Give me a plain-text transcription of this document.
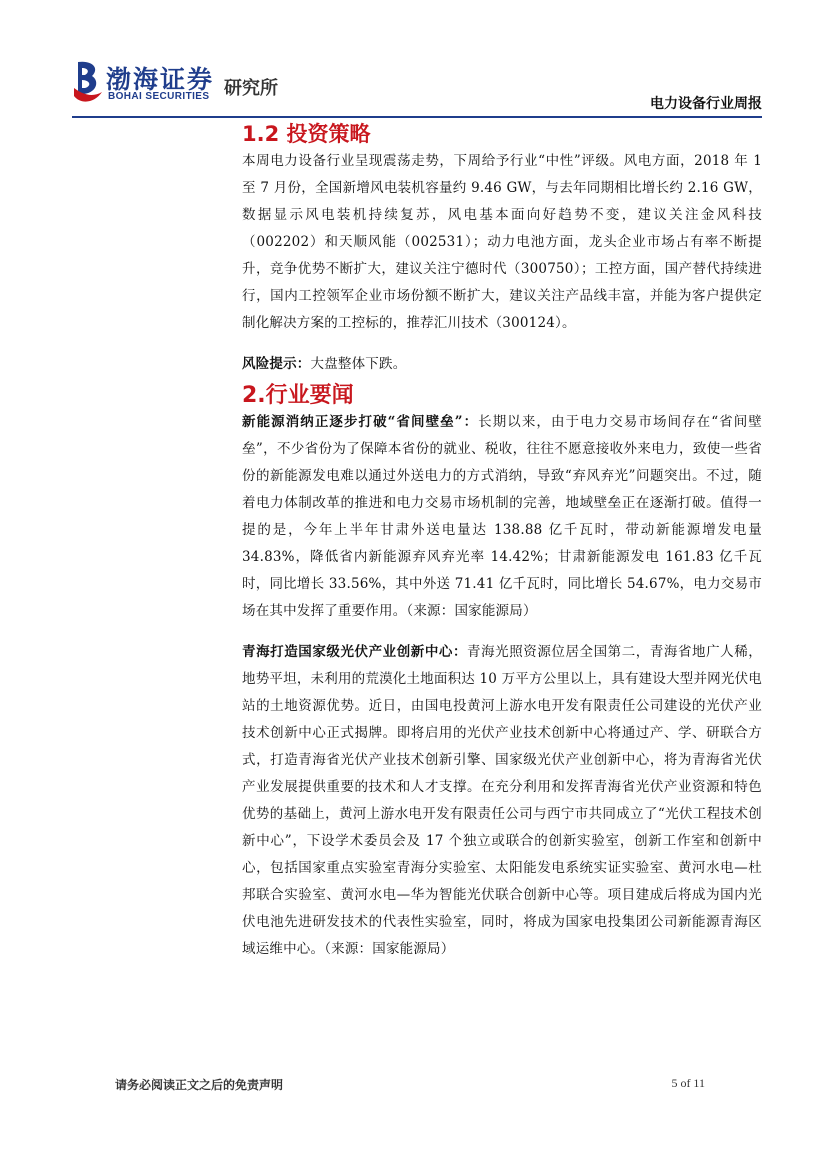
渤海证券
BOHAI SECURITIES 研究所
电力设备行业周报
1.2 投资策略

本周电力设备行业呈现震荡走势，下周给予行业“中性”评级。风电方面，2018 年 1 至 7 月份，全国新增风电装机容量约 9.46 GW，与去年同期相比增长约 2.16 GW，数据显示风电装机持续复苏，风电基本面向好趋势不变，建议关注金风科技（002202）和天顺风能（002531）；动力电池方面，龙头企业市场占有率不断提升，竞争优势不断扩大，建议关注宁德时代（300750）；工控方面，国产替代持续进行，国内工控领军企业市场份额不断扩大，建议关注产品线丰富，并能为客户提供定制化解决方案的工控标的，推荐汇川技术（300124）。

风险提示：大盘整体下跌。

2.行业要闻

新能源消纳正逐步打破“省间壁垒”：长期以来，由于电力交易市场间存在“省间壁垒”，不少省份为了保障本省份的就业、税收，往往不愿意接收外来电力，致使一些省份的新能源发电难以通过外送电力的方式消纳，导致“弃风弃光”问题突出。不过，随着电力体制改革的推进和电力交易市场机制的完善，地域壁垒正在逐渐打破。值得一提的是，今年上半年甘肃外送电量达 138.88 亿千瓦时，带动新能源增发电量 34.83%，降低省内新能源弃风弃光率 14.42%；甘肃新能源发电 161.83 亿千瓦时，同比增长 33.56%，其中外送 71.41 亿千瓦时，同比增长 54.67%，电力交易市场在其中发挥了重要作用。（来源：国家能源局）

青海打造国家级光伏产业创新中心：青海光照资源位居全国第二，青海省地广人稀，地势平坦，未利用的荒漠化土地面积达 10 万平方公里以上，具有建设大型并网光伏电站的土地资源优势。近日，由国电投黄河上游水电开发有限责任公司建设的光伏产业技术创新中心正式揭牌。即将启用的光伏产业技术创新中心将通过产、学、研联合方式，打造青海省光伏产业技术创新引擎、国家级光伏产业创新中心，将为青海省光伏产业发展提供重要的技术和人才支撑。在充分利用和发挥青海省光伏产业资源和特色优势的基础上，黄河上游水电开发有限责任公司与西宁市共同成立了“光伏工程技术创新中心”，下设学术委员会及 17 个独立或联合的创新实验室，创新工作室和创新中心，包括国家重点实验室青海分实验室、太阳能发电系统实证实验室、黄河水电—杜邦联合实验室、黄河水电—华为智能光伏联合创新中心等。项目建成后将成为国内光伏电池先进研发技术的代表性实验室，同时，将成为国家电投集团公司新能源青海区域运维中心。（来源：国家能源局）

请务必阅读正文之后的免责声明	5 of 11
